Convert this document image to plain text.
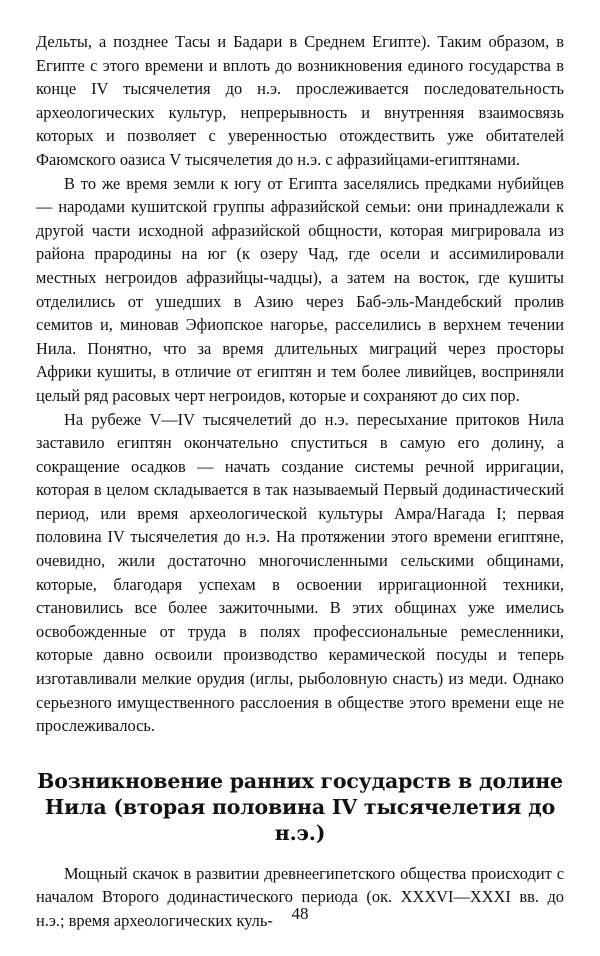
Дельты, а позднее Тасы и Бадари в Среднем Египте). Таким образом, в Египте с этого времени и вплоть до возникновения единого государства в конце IV тысячелетия до н.э. прослеживается последовательность археологических культур, непрерывность и внутренняя взаимосвязь которых и позволяет с уверенностью отождествить уже обитателей Фаюмского оазиса V тысячелетия до н.э. с афразийцами-египтянами.

В то же время земли к югу от Египта заселялись предками нубийцев — народами кушитской группы афразийской семьи: они принадлежали к другой части исходной афразийской общности, которая мигрировала из района прародины на юг (к озеру Чад, где осели и ассимилировали местных негроидов афразийцы-чадцы), а затем на восток, где кушиты отделились от ушедших в Азию через Баб-эль-Мандебский пролив семитов и, миновав Эфиопское нагорье, расселились в верхнем течении Нила. Понятно, что за время длительных миграций через просторы Африки кушиты, в отличие от египтян и тем более ливийцев, восприняли целый ряд расовых черт негроидов, которые и сохраняют до сих пор.

На рубеже V—IV тысячелетий до н.э. пересыхание притоков Нила заставило египтян окончательно спуститься в самую его долину, а сокращение осадков — начать создание системы речной ирригации, которая в целом складывается в так называемый Первый додинастический период, или время археологической культуры Амра/Нагада I; первая половина IV тысячелетия до н.э. На протяжении этого времени египтяне, очевидно, жили достаточно многочисленными сельскими общинами, которые, благодаря успехам в освоении ирригационной техники, становились все более зажиточными. В этих общинах уже имелись освобожденные от труда в полях профессиональные ремесленники, которые давно освоили производство керамической посуды и теперь изготавливали мелкие орудия (иглы, рыболовную снасть) из меди. Однако серьезного имущественного расслоения в обществе этого времени еще не прослеживалось.

Возникновение ранних государств в долине Нила (вторая половина IV тысячелетия до н.э.)

Мощный скачок в развитии древнеегипетского общества происходит с началом Второго додинастического периода (ок. XXXVI—XXXI вв. до н.э.; время археологических куль-	48
